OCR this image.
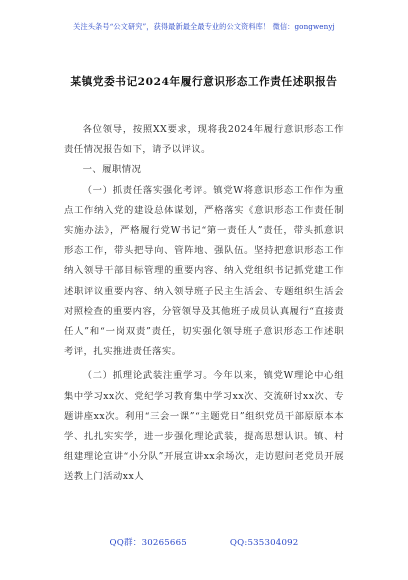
关注头条号“公文研究”，获得最新最全最专业的公文资料库！ 微信：gongwenyj
某镇党委书记2024年履行意识形态工作责任述职报告

各位领导，按照XX要求，现将我2024年履行意识形态工作责任情况报告如下，请予以评议。

一、履职情况

（一）抓责任落实强化考评。镇党W将意识形态工作作为重点工作纳入党的建设总体谋划，严格落实《意识形态工作责任制实施办法》，严格履行党W书记“第一责任人”责任，带头抓意识形态工作，带头把导向、管阵地、强队伍。坚持把意识形态工作纳入领导干部目标管理的重要内容、纳入党组织书记抓党建工作述职评议重要内容、纳入领导班子民主生活会、专题组织生活会对照检查的重要内容，分管领导及其他班子成员认真履行“直接责任人”和“一岗双责”责任，切实强化领导班子意识形态工作述职考评，扎实推进责任落实。

（二）抓理论武装注重学习。今年以来，镇党W理论中心组集中学习xx次、党纪学习教育集中学习xx次、交流研讨xx次、专题讲座xx次。利用“三会一课”“主题党日”组织党员干部原原本本学、扎扎实实学，进一步强化理论武装，提高思想认识。镇、村组建理论宣讲“小分队”开展宣讲xx余场次，走访慰问老党员开展送教上门活动xx人

QQ群：30265665	QQ:535304092
